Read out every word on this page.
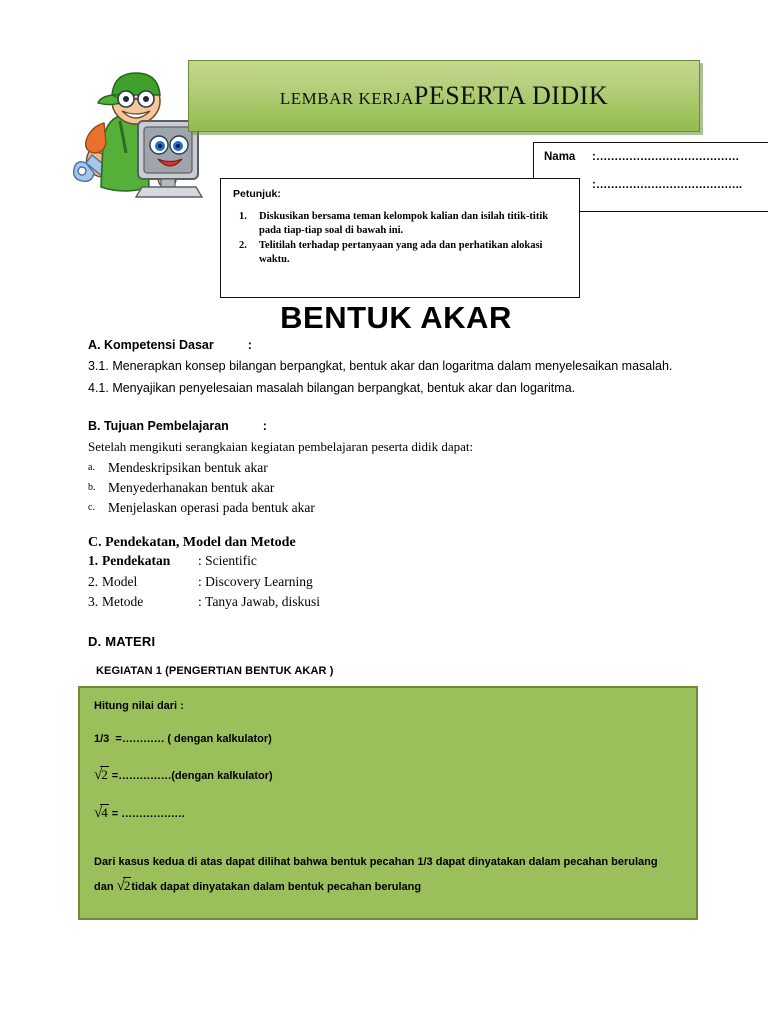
LEMBAR KERJAPESERTA DIDIK
Nama	: …………………………………
: ………………………………….
Petunjuk:
1. Diskusikan bersama teman kelompok kalian dan isilah titik-titik pada tiap-tiap soal di bawah ini.
2. Telitilah terhadap pertanyaan yang ada dan perhatikan alokasi waktu.
BENTUK AKAR
A. Kompetensi Dasar	:
3.1. Menerapkan konsep bilangan berpangkat, bentuk akar dan logaritma dalam menyelesaikan masalah.
4.1. Menyajikan penyelesaian masalah bilangan berpangkat, bentuk akar dan logaritma.
B. Tujuan Pembelajaran	:
Setelah mengikuti serangkaian kegiatan pembelajaran peserta didik dapat:
a. Mendeskripsikan bentuk akar
b. Menyederhanakan bentuk akar
c. Menjelaskan operasi pada bentuk akar
C. Pendekatan, Model dan Metode
1. Pendekatan	: Scientific
2. Model	: Discovery Learning
3. Metode	: Tanya Jawab, diskusi
D. MATERI
KEGIATAN 1 (PENGERTIAN BENTUK AKAR )
Hitung nilai dari :
1/3 =………… ( dengan kalkulator)
√2 =……………(dengan kalkulator)
√4 = ………………
Dari kasus kedua di atas dapat dilihat bahwa bentuk pecahan 1/3 dapat dinyatakan dalam pecahan berulang dan √2tidak dapat dinyatakan dalam bentuk pecahan berulang
